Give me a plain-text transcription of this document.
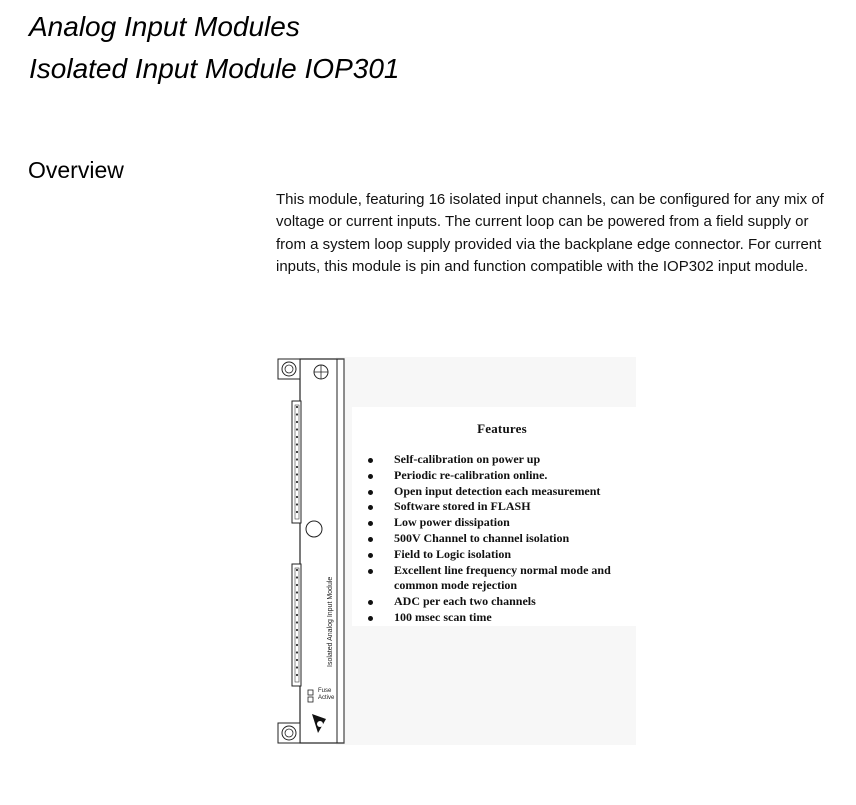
Analog Input Modules
Isolated Input Module IOP301
Overview

This module, featuring 16 isolated input channels, can be configured for any mix of voltage or current inputs. The current loop can be powered from a field supply or from a system loop supply provided via the backplane edge connector. For current inputs, this module is pin and function compatible with the IOP302 input module.

Isolated Analog Input Module
Fuse
Active
Features
Self-calibration on power up
Periodic re-calibration online.
Open input detection each measurement
Software stored in FLASH
Low power dissipation
500V Channel to channel isolation
Field to Logic isolation
Excellent line frequency normal mode and
common mode rejection
ADC per each two channels
100 msec scan time
